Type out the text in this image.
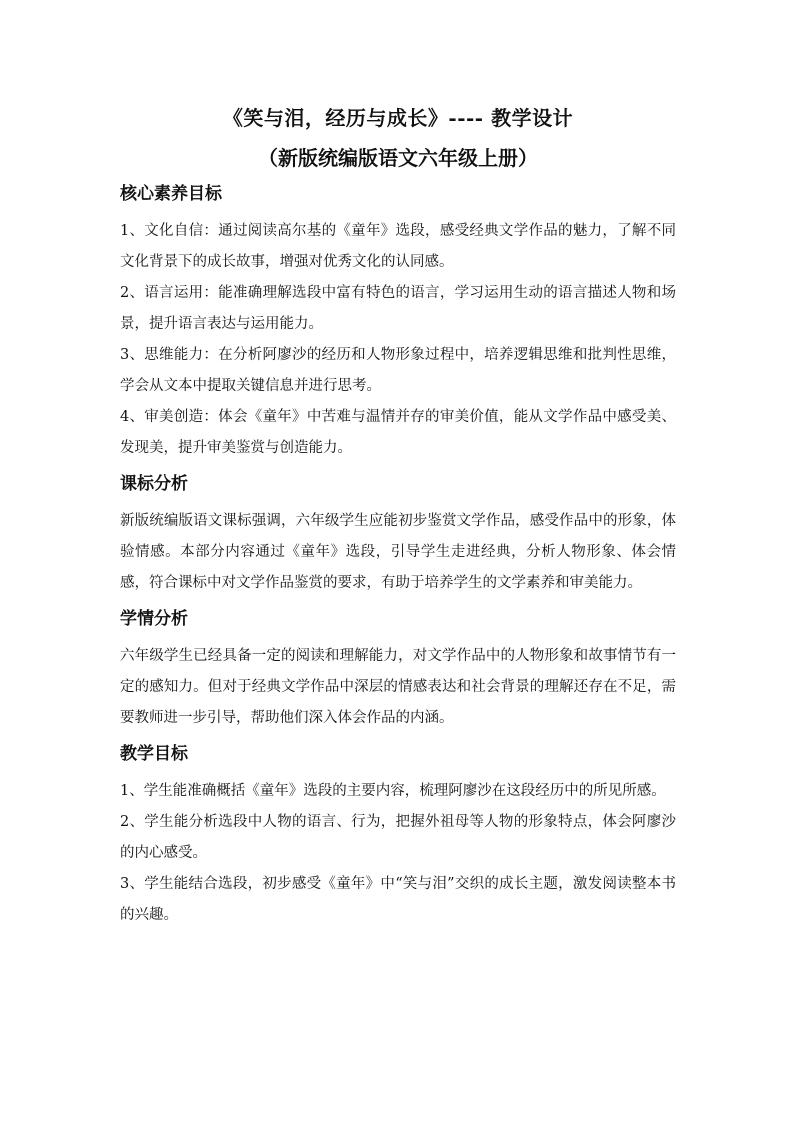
《笑与泪，经历与成长》---- 教学设计
（新版统编版语文六年级上册）
核心素养目标

1、文化自信：通过阅读高尔基的《童年》选段，感受经典文学作品的魅力，了解不同文化背景下的成长故事，增强对优秀文化的认同感。

2、语言运用：能准确理解选段中富有特色的语言，学习运用生动的语言描述人物和场景，提升语言表达与运用能力。

3、思维能力：在分析阿廖沙的经历和人物形象过程中，培养逻辑思维和批判性思维，学会从文本中提取关键信息并进行思考。

4、审美创造：体会《童年》中苦难与温情并存的审美价值，能从文学作品中感受美、发现美，提升审美鉴赏与创造能力。

课标分析

新版统编版语文课标强调，六年级学生应能初步鉴赏文学作品，感受作品中的形象，体验情感。本部分内容通过《童年》选段，引导学生走进经典，分析人物形象、体会情感，符合课标中对文学作品鉴赏的要求，有助于培养学生的文学素养和审美能力。

学情分析

六年级学生已经具备一定的阅读和理解能力，对文学作品中的人物形象和故事情节有一定的感知力。但对于经典文学作品中深层的情感表达和社会背景的理解还存在不足，需要教师进一步引导，帮助他们深入体会作品的内涵。

教学目标

1、学生能准确概括《童年》选段的主要内容，梳理阿廖沙在这段经历中的所见所感。

2、学生能分析选段中人物的语言、行为，把握外祖母等人物的形象特点，体会阿廖沙的内心感受。

3、学生能结合选段，初步感受《童年》中“笑与泪”交织的成长主题，激发阅读整本书的兴趣。
